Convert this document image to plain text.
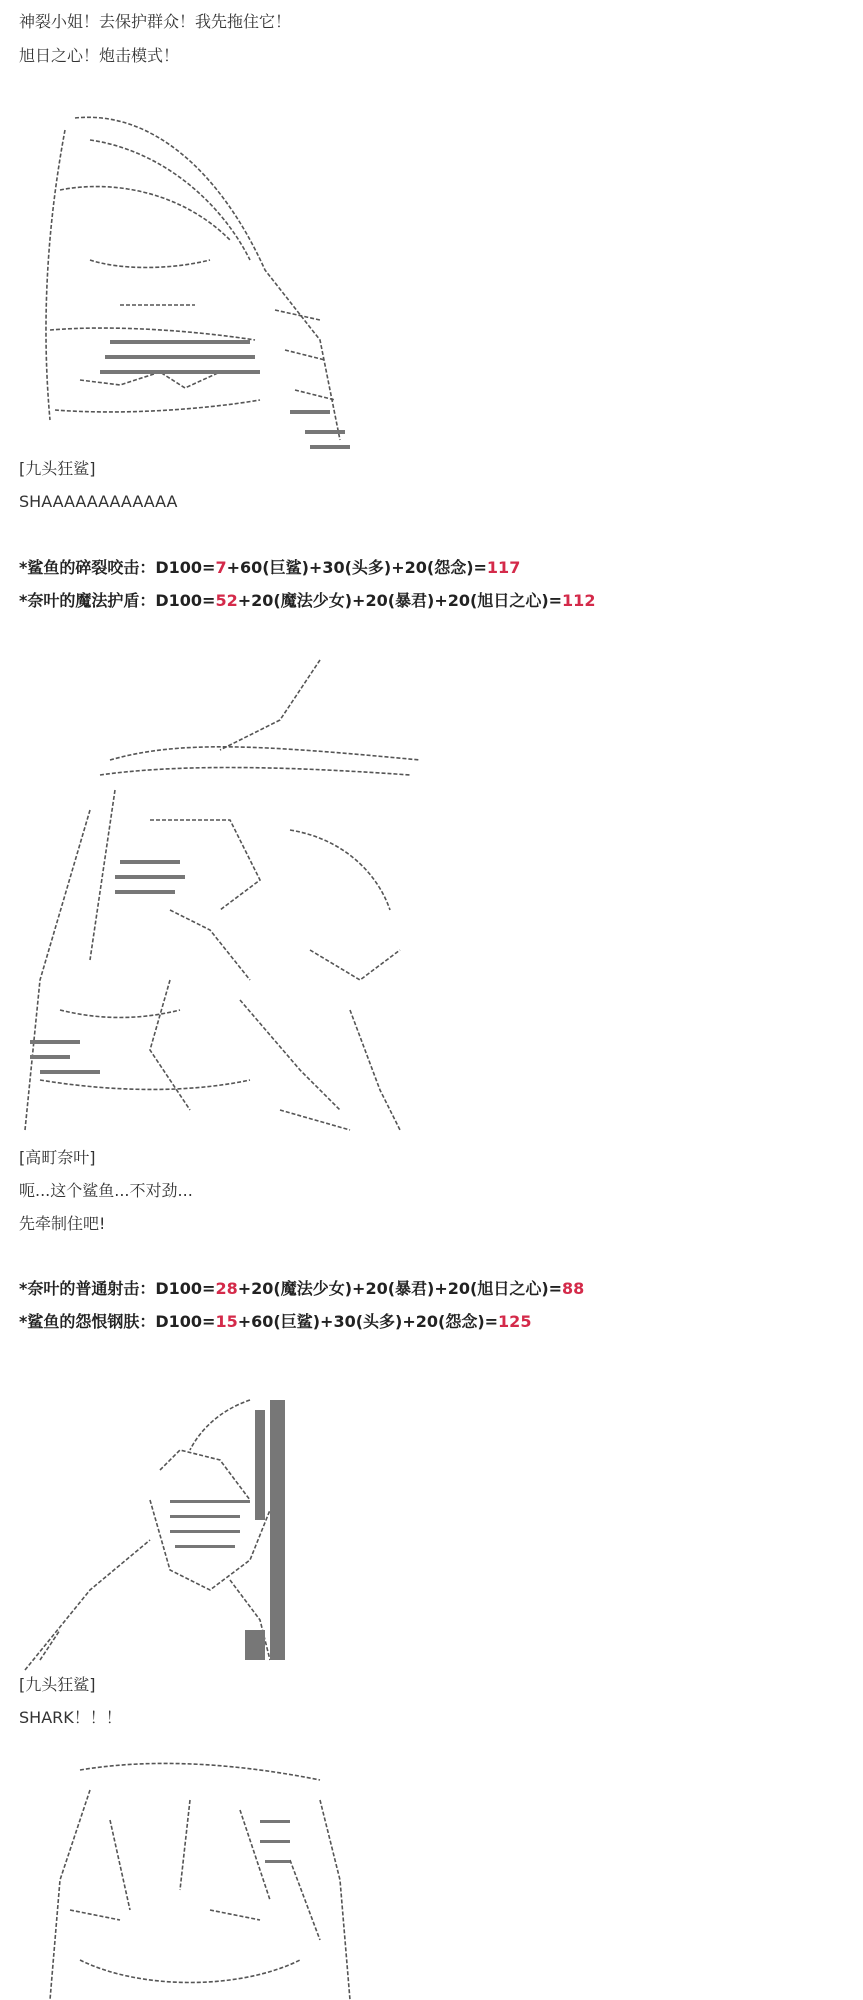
神裂小姐！去保护群众！我先拖住它！
旭日之心！炮击模式！
[九头狂鲨]
SHAAAAAAAAAAAA
*鲨鱼的碎裂咬击：D100=7+60(巨鲨)+30(头多)+20(怨念)=117
*奈叶的魔法护盾：D100=52+20(魔法少女)+20(暴君)+20(旭日之心)=112
[高町奈叶]
呃...这个鲨鱼...不对劲...
先牵制住吧!
*奈叶的普通射击：D100=28+20(魔法少女)+20(暴君)+20(旭日之心)=88
*鲨鱼的怨恨钢肤：D100=15+60(巨鲨)+30(头多)+20(怨念)=125
[九头狂鲨]
SHARK！！！
